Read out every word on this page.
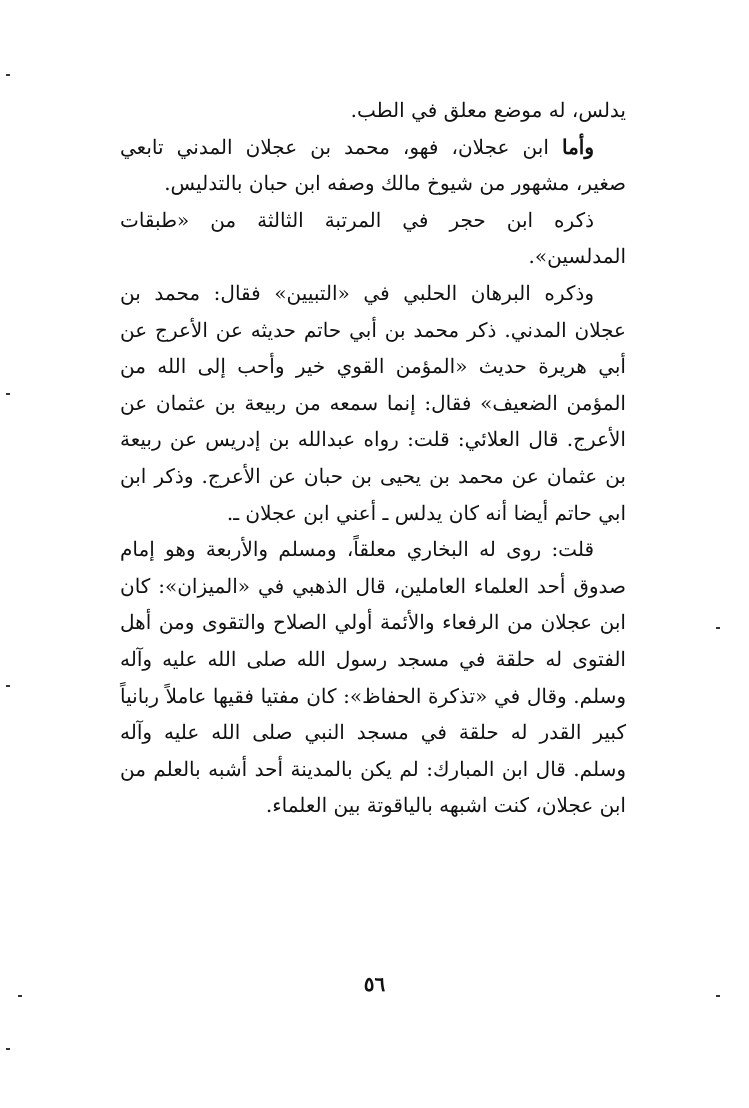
يدلس، له موضع معلق في الطب.

وأما ابن عجلان، فهو، محمد بن عجلان المدني تابعي صغير، مشهور من شيوخ مالك وصفه ابن حبان بالتدليس.

ذكره ابن حجر في المرتبة الثالثة من «طبقات المدلسين».

وذكره البرهان الحلبي في «التبيين» فقال: محمد بن عجلان المدني. ذكر محمد بن أبي حاتم حديثه عن الأعرج عن أبي هريرة حديث «المؤمن القوي خير وأحب إلى الله من المؤمن الضعيف» فقال: إنما سمعه من ربيعة بن عثمان عن الأعرج. قال العلائي: قلت: رواه عبدالله بن إدريس عن ربيعة بن عثمان عن محمد بن يحيى بن حبان عن الأعرج. وذكر ابن ابي حاتم أيضا أنه كان يدلس ـ أعني ابن عجلان ـ.

قلت: روى له البخاري معلقاً، ومسلم والأربعة وهو إمام صدوق أحد العلماء العاملين، قال الذهبي في «الميزان»: كان ابن عجلان من الرفعاء والأئمة أولي الصلاح والتقوى ومن أهل الفتوى له حلقة في مسجد رسول الله صلى الله عليه وآله وسلم. وقال في «تذكرة الحفاظ»: كان مفتيا فقيها عاملاً ربانياً كبير القدر له حلقة في مسجد النبي صلى الله عليه وآله وسلم. قال ابن المبارك: لم يكن بالمدينة أحد أشبه بالعلم من ابن عجلان، كنت اشبهه بالياقوتة بين العلماء.

٥٦
